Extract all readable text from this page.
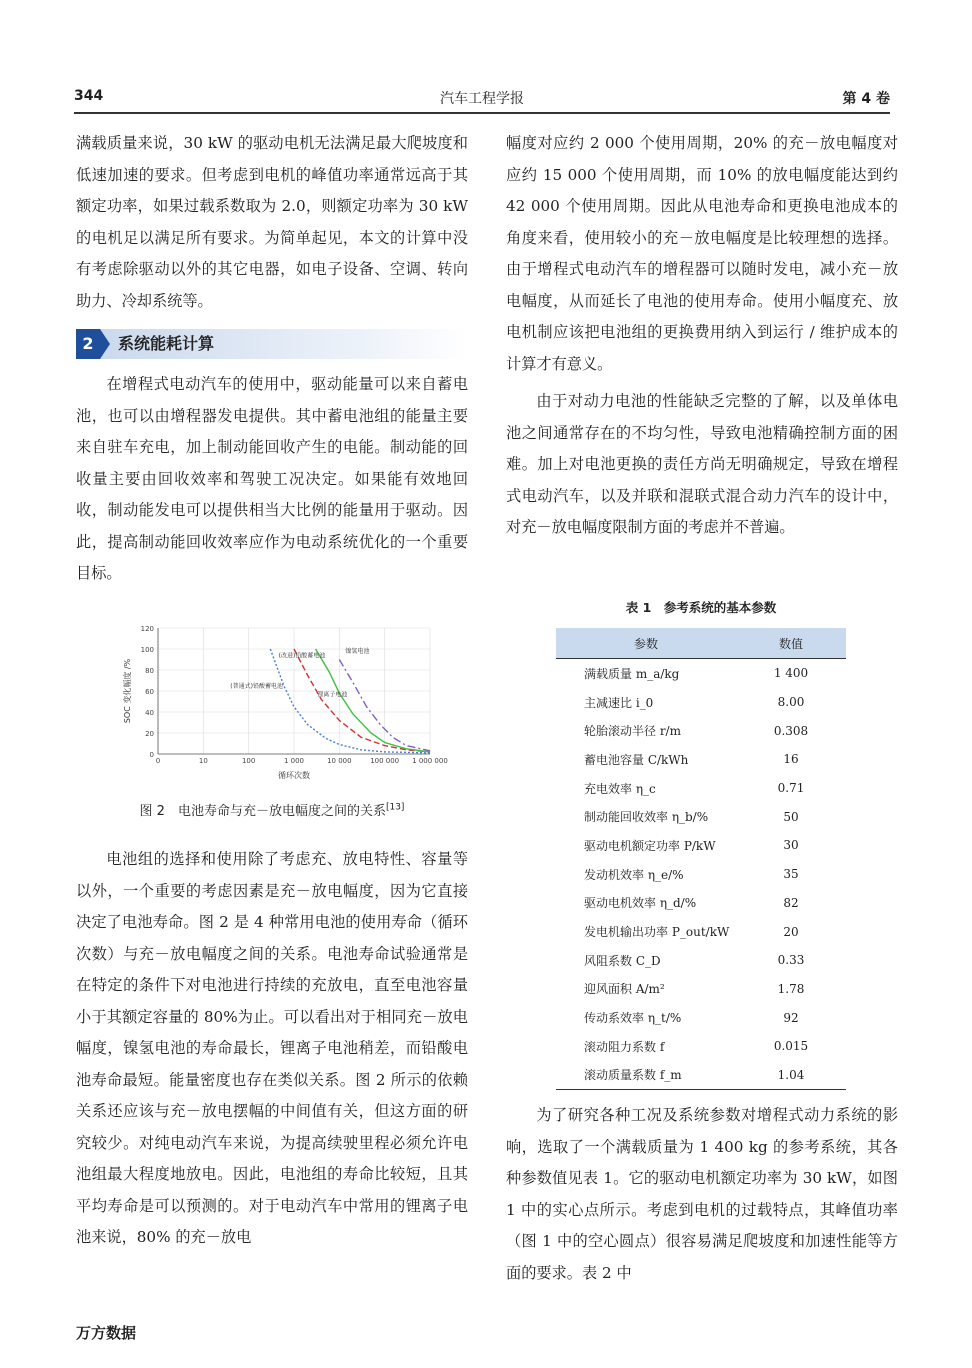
344	汽车工程学报	第 4 卷

满载质量来说，30 kW 的驱动电机无法满足最大爬坡度和低速加速的要求。但考虑到电机的峰值功率通常远高于其额定功率，如果过载系数取为 2.0，则额定功率为 30 kW 的电机足以满足所有要求。为简单起见，本文的计算中没有考虑除驱动以外的其它电器，如电子设备、空调、转向助力、冷却系统等。

2 系统能耗计算

在增程式电动汽车的使用中，驱动能量可以来自蓄电池，也可以由增程器发电提供。其中蓄电池组的能量主要来自驻车充电，加上制动能回收产生的电能。制动能的回收量主要由回收效率和驾驶工况决定。如果能有效地回收，制动能发电可以提供相当大比例的能量用于驱动。因此，提高制动能回收效率应作为电动系统优化的一个重要目标。

0
20
40
60
80
100
120
0	10	100	1 000	10 000	100 000 1 000 000
循环次数
SOC 变化幅度 /%
(改进)铅酸蓄电池
镍氢电池
(普通式)铅酸蓄电池
锂离子电池
图 2　电池寿命与充－放电幅度之间的关系[13]

电池组的选择和使用除了考虑充、放电特性、容量等以外，一个重要的考虑因素是充－放电幅度，因为它直接决定了电池寿命。图 2 是 4 种常用电池的使用寿命（循环次数）与充－放电幅度之间的关系。电池寿命试验通常是在特定的条件下对电池进行持续的充放电，直至电池容量小于其额定容量的 80%为止。可以看出对于相同充－放电幅度，镍氢电池的寿命最长，锂离子电池稍差，而铅酸电池寿命最短。能量密度也存在类似关系。图 2 所示的依赖关系还应该与充－放电摆幅的中间值有关，但这方面的研究较少。对纯电动汽车来说，为提高续驶里程必须允许电池组最大程度地放电。因此，电池组的寿命比较短，且其平均寿命是可以预测的。对于电动汽车中常用的锂离子电池来说，80% 的充－放电

幅度对应约 2 000 个使用周期，20% 的充－放电幅度对应约 15 000 个使用周期，而 10% 的放电幅度能达到约 42 000 个使用周期。因此从电池寿命和更换电池成本的角度来看，使用较小的充－放电幅度是比较理想的选择。由于增程式电动汽车的增程器可以随时发电，减小充－放电幅度，从而延长了电池的使用寿命。使用小幅度充、放电机制应该把电池组的更换费用纳入到运行 / 维护成本的计算才有意义。

由于对动力电池的性能缺乏完整的了解，以及单体电池之间通常存在的不均匀性，导致电池精确控制方面的困难。加上对电池更换的责任方尚无明确规定，导致在增程式电动汽车，以及并联和混联式混合动力汽车的设计中，对充－放电幅度限制方面的考虑并不普遍。

表 1　参考系统的基本参数
参数	数值
满载质量 m_a/kg	1 400
主减速比 i_0	8.00
轮胎滚动半径 r/m	0.308
蓄电池容量 C/kWh	16
充电效率 η_c	0.71
制动能回收效率 η_b/%	50
驱动电机额定功率 P/kW	30
发动机效率 η_e/%	35
驱动电机效率 η_d/%	82
发电机输出功率 P_out/kW	20
风阻系数 C_D	0.33
迎风面积 A/m²	1.78
传动系效率 η_t/%	92
滚动阻力系数 f	0.015
滚动质量系数 f_m	1.04

为了研究各种工况及系统参数对增程式动力系统的影响，选取了一个满载质量为 1 400 kg 的参考系统，其各种参数值见表 1。它的驱动电机额定功率为 30 kW，如图 1 中的实心点所示。考虑到电机的过载特点，其峰值功率（图 1 中的空心圆点）很容易满足爬坡度和加速性能等方面的要求。表 2 中

万方数据
